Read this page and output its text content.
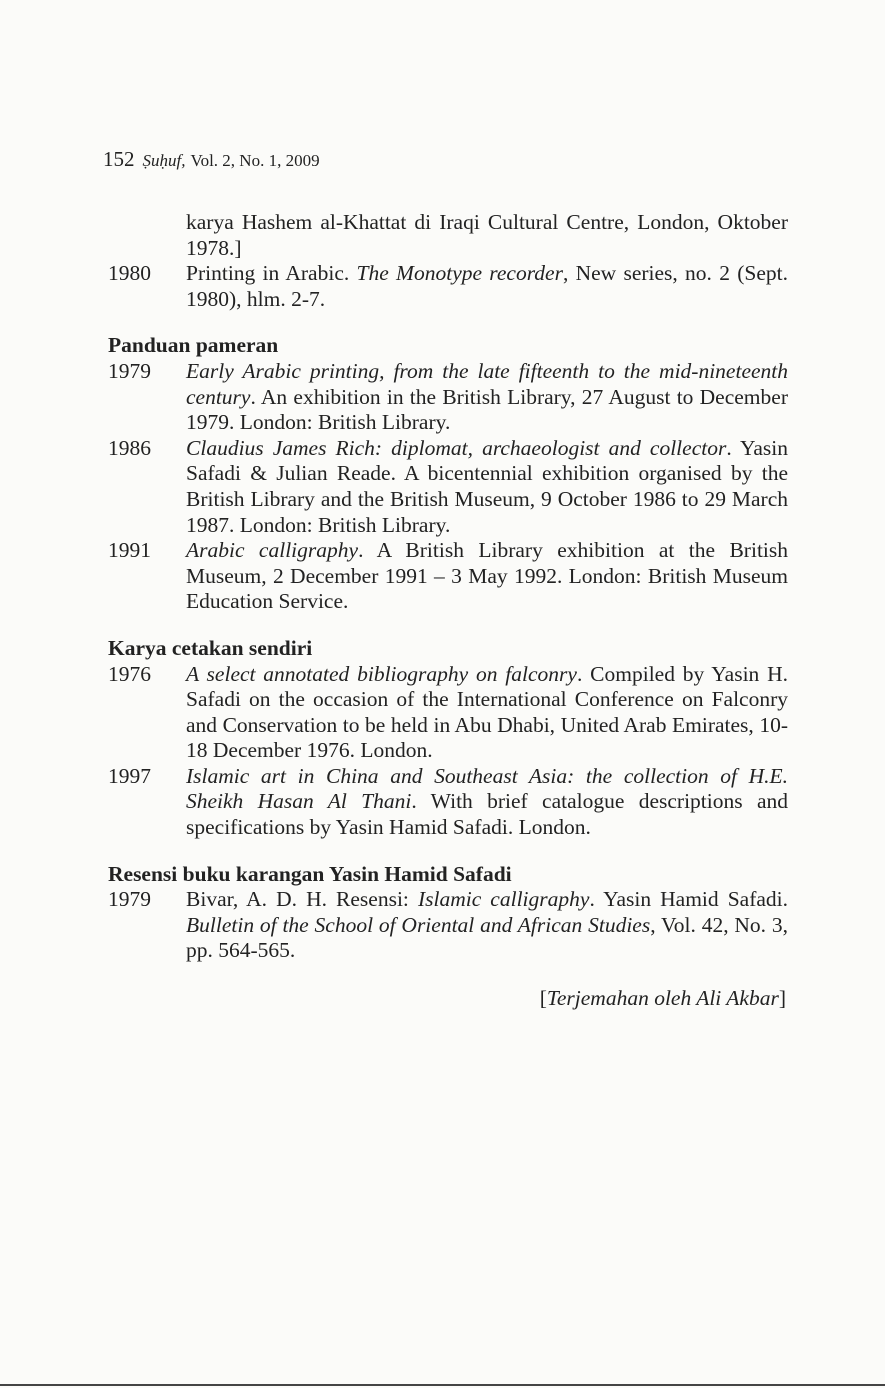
152 Ṣuḥuf, Vol. 2, No. 1, 2009
karya Hashem al-Khattat di Iraqi Cultural Centre, London, Oktober 1978.]
1980	Printing in Arabic. The Monotype recorder, New series, no. 2 (Sept. 1980), hlm. 2-7.
Panduan pameran
1979	Early Arabic printing, from the late fifteenth to the mid-nineteenth century. An exhibition in the British Library, 27 August to December 1979. London: British Library.
1986	Claudius James Rich: diplomat, archaeologist and collector. Yasin Safadi & Julian Reade. A bicentennial exhibition organised by the British Library and the British Museum, 9 October 1986 to 29 March 1987. London: British Library.
1991	Arabic calligraphy. A British Library exhibition at the British Museum, 2 December 1991 – 3 May 1992. London: British Museum Education Service.
Karya cetakan sendiri
1976	A select annotated bibliography on falconry. Compiled by Yasin H. Safadi on the occasion of the International Conference on Falconry and Conservation to be held in Abu Dhabi, United Arab Emirates, 10-18 December 1976. London.
1997	Islamic art in China and Southeast Asia: the collection of H.E. Sheikh Hasan Al Thani. With brief catalogue descriptions and specifications by Yasin Hamid Safadi. London.
Resensi buku karangan Yasin Hamid Safadi
1979	Bivar, A. D. H. Resensi: Islamic calligraphy. Yasin Hamid Safadi. Bulletin of the School of Oriental and African Studies, Vol. 42, No. 3, pp. 564-565.
[Terjemahan oleh Ali Akbar]
